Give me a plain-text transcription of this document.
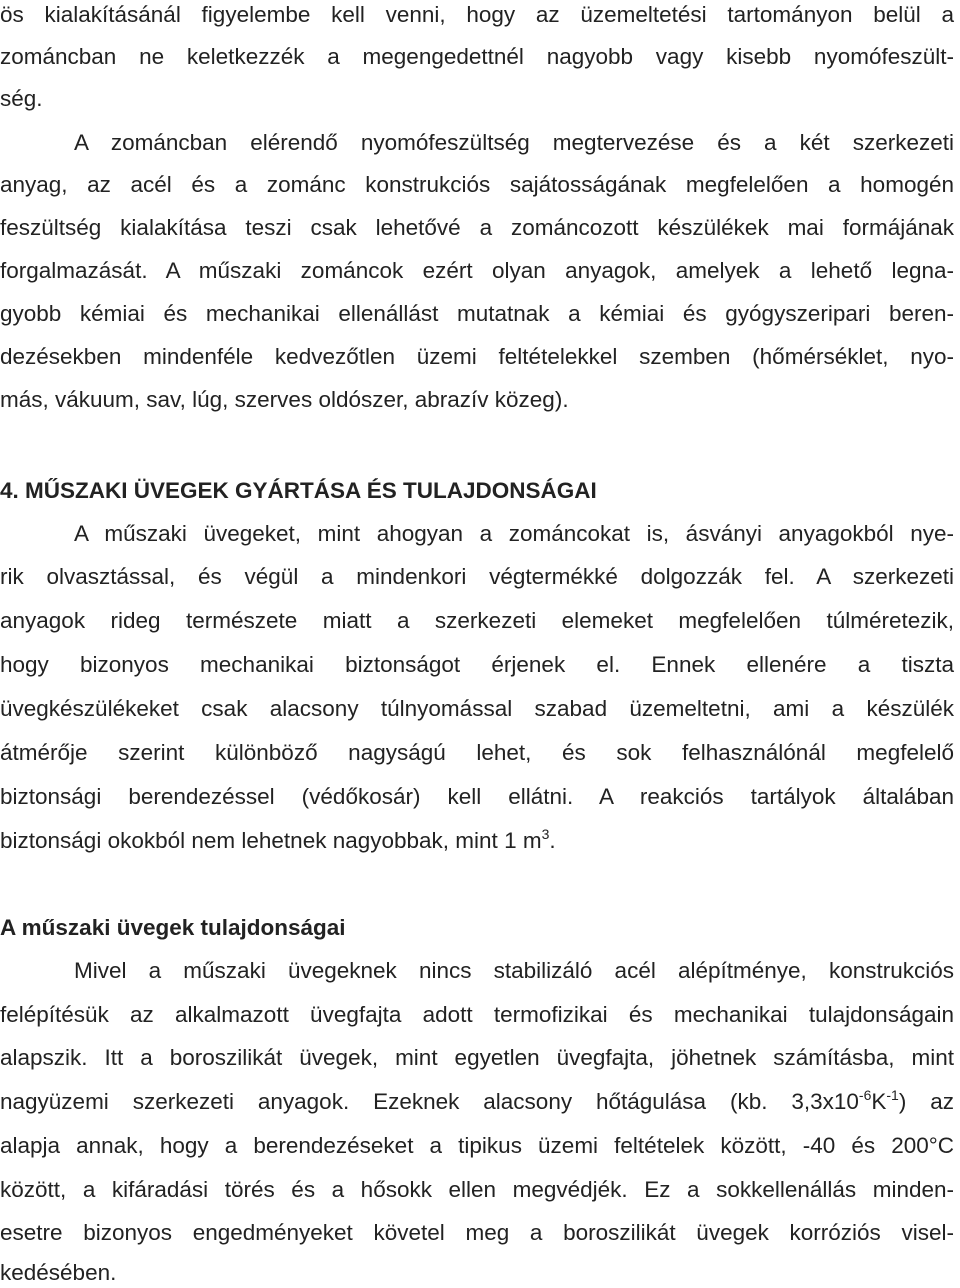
ös kialakításánál figyelembe kell venni, hogy az üzemeltetési tartományon belül a
zománcban ne keletkezzék a megengedettnél nagyobb vagy kisebb nyomófeszült-
ség.
A zománcban elérendő nyomófeszültség megtervezése és a két szerkezeti
anyag, az acél és a zománc konstrukciós sajátosságának megfelelően a homogén
feszültség kialakítása teszi csak lehetővé a zománcozott készülékek mai formájának
forgalmazását. A műszaki zománcok ezért olyan anyagok, amelyek a lehető legna-
gyobb kémiai és mechanikai ellenállást mutatnak a kémiai és gyógyszeripari beren-
dezésekben mindenféle kedvezőtlen üzemi feltételekkel szemben (hőmérséklet, nyo-
más, vákuum, sav, lúg, szerves oldószer, abrazív közeg).
4. MŰSZAKI ÜVEGEK GYÁRTÁSA ÉS TULAJDONSÁGAI
A műszaki üvegeket, mint ahogyan a zománcokat is, ásványi anyagokból nye-
rik olvasztással, és végül a mindenkori végtermékké dolgozzák fel. A szerkezeti
anyagok rideg természete miatt a szerkezeti elemeket megfelelően túlméretezik,
hogy bizonyos mechanikai biztonságot érjenek el. Ennek ellenére a tiszta
üvegkészülékeket csak alacsony túlnyomással szabad üzemeltetni, ami a készülék
átmérője szerint különböző nagyságú lehet, és sok felhasználónál megfelelő
biztonsági berendezéssel (védőkosár) kell ellátni. A reakciós tartályok általában
biztonsági okokból nem lehetnek nagyobbak, mint 1 $m^3$.
A műszaki üvegek tulajdonságai
Mivel a műszaki üvegeknek nincs stabilizáló acél alépítménye, konstrukciós
felépítésük az alkalmazott üvegfajta adott termofizikai és mechanikai tulajdonságain
alapszik. Itt a boroszilikát üvegek, mint egyetlen üvegfajta, jöhetnek számításba, mint
nagyüzemi szerkezeti anyagok. Ezeknek alacsony hőtágulása (kb. $3,3x10^{-6}K^{-1}$) az
alapja annak, hogy a berendezéseket a tipikus üzemi feltételek között, -40 és 200°C
között, a kifáradási törés és a hősokk ellen megvédjék. Ez a sokkellenállás minden-
esetre bizonyos engedményeket követel meg a boroszilikát üvegek korróziós visel-
kedésében.
